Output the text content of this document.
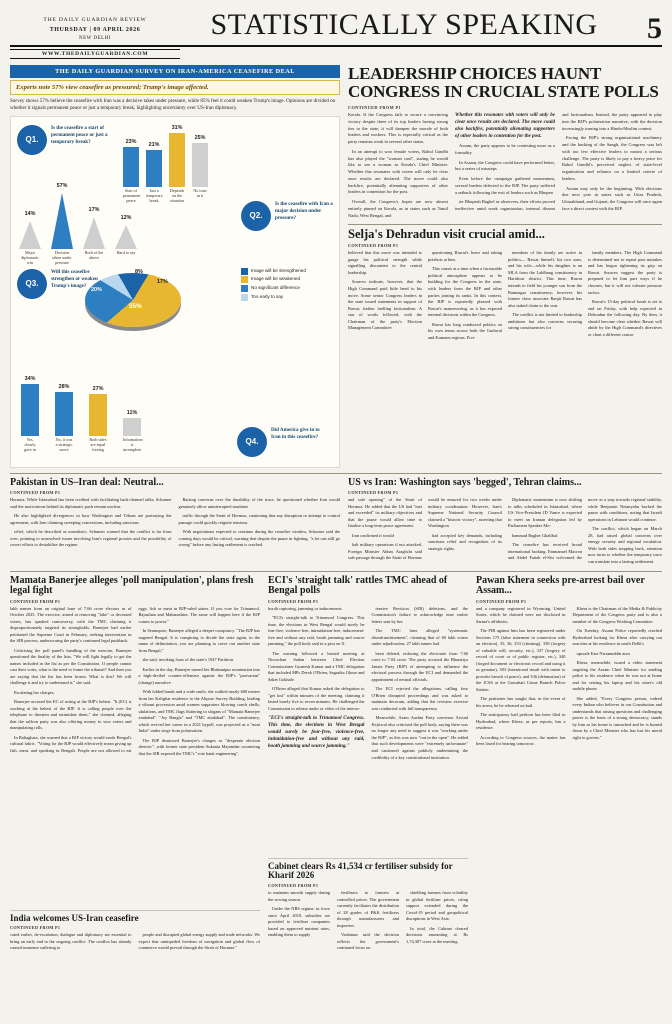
THE DAILY GUARDIAN REVIEW
THURSDAY | 09 APRIL 2026
NEW DELHI	STATISTICALLY SPEAKING	5
WWW.THEDAILYGUARDIAN.COM
THE DAILY GUARDIAN SURVEY ON IRAN-AMERICA CEASEFIRE DEAL
Experts note 57% view ceasefire as pressured; Trump's image affected.
Survey shows 57% believe the ceasefire with Iran was a decisive takes under pressure, while 85% feel it could weaken Trump's image. Opinions are divided on whether it signals permanent peace or just a temporary break, highlighting uncertainty over US-Iran diplomacy.
Q1.
Is the ceasefire a start of permanent peace or just a temporary break?	23% 21%
31%
25%
Start of permanent peace
Just a temporary break
Depends on the situation
No trust in it
Q2.
Is the ceasefire with Iran a major decision under pressure?
14%
57%
17%
12%
Major diplomatic win
Decision taken under pressure
Both of the above
Hard to say
Q3.
Will this ceasefire strengthen or weaken Trump's image?
8%
17%
55%
20%
Image will be strengthened
Image will be weakened
No significant difference
Too early to say
Q4.
Did America give in to Iran in this ceasefire?
34%
28%	27%
11%
Yes, clearly gave in
No, it was a strategic move
Both sides are equal footing
Information is incomplete
LEADERSHIP CHOICES HAUNT CONGRESS IN CRUCIAL STATE POLLS
CONTINUED FROM P1

Kerala. If the Congress fails to secure a convincing victory despite three of its top leaders having strong ties to the state, it will dampen the morale of both leaders and workers. This is especially critical as the party remains weak in several other states.

In an attempt to woo female voters, Rahul Gandhi has also played the "woman card", stating he would like to see a woman as Kerala's Chief Minister. Whether this resonates with voters will only be clear once results are declared. The move could also backfire, potentially alienating supporters of other leaders in contention for the post.

Overall, the Congress's hopes are now almost entirely pinned on Kerala, as in states such as Tamil Nadu, West Bengal, and

Whether this resonates with voters will only be clear once results are declared. The move could also backfire, potentially alienating supporters of other leaders in contention for the post.

Assam, the party appears to be contesting more as a formality.

In Assam, the Congress could have performed better, but a series of missteps

Even before the campaign gathered momentum, several leaders defected to the BJP. The party suffered a setback following the exit of leaders such as Bhupen

ter Bhupesh Baghel as observers, their efforts proved ineffective amid weak organisation, internal dissent and factionalism. Instead, the party appeared to play into the BJP's polarisation narrative, with the decision increasingly turning into a Hindu-Muslim contest.

Facing the BJP's strong organisational machinery and the backing of the Sangh, the Congress was left with too few effective leaders to mount a serious challenge. The party is likely to pay a heavy price for Rahul Gandhi's perceived neglect of state-level organisation and reliance on a limited coterie of leaders.

Assam may only be the beginning. With elections due next year in states such as Uttar Pradesh, Uttarakhand, and Gujarat, the Congress will once again face a direct contest with the BJP.

Selja's Dehradun visit crucial amid...
CONTINUED FROM P1

believed that this move was intended to gauge his political strength while signalling discontent to the central leadership.

Sources indicate, however, that the High Command paid little heed to his move. Some senior Congress leaders in the state issued statements in support of Rawat, further fuelling factionalism. A star of words followed, with the Chairman of the party's Election Management Committee

questioning Rawat's leave and taking potshots at him.

This comes at a time when a favourable political atmosphere appears to be building for the Congress in the state, with leaders from the BJP and other parties joining its ranks. In this context, the BJP is reportedly pleased with Rawat's manoeuvring, as it has exposed internal divisions within the Congress.

Rawat has long conducted politics on his own terms across both the Garhwal and Kumaon regions. Five

members of his family are active in politics— Rawat himself, his two sons, and his wife—while his daughter is an MLA from the Laldhang constituency in Haridwar district. This time, Rawat intends to field his younger son from the Ramnagar constituency; however, his former close associate Ranjit Rawat has also staked claim to the seat.

The conflict is not limited to leadership ambitions but also concerns securing strong constituencies for

family members. The High Command is determined not to repeat past mistakes and has begun tightening its grip on Rawat. Sources suggest the party is prepared to let him part ways if he chooses, but it will not tolerate pressure tactics.

Rawat's 15-day political break is set to end on Friday, with help expected in Dehradun the following day. By then, it should become clear whether Rawat will abide by the High Command's directives or chart a different course.

Pakistan in US–Iran deal: Neutral...
CONTINUED FROM P1

Hormuz. While Islamabad has been credited with facilitating back-channel talks, Schumer said the motivations behind its diplomatic push remain unclear.

He also highlighted divergences in how Washington and Tehran are portraying the agreement, with Iran claiming sweeping concessions, including sanctions

relief, which he described as unrealistic. Schumer warned that the conflict is far from over, pointing to unresolved issues involving Iran's regional proxies and the possibility of covert efforts to destabilise the regime.

Raising concerns over the durability of the truce, he questioned whether Iran would genuinely allow uninterrupted maritime

traffic through the Strait of Hormuz, cautioning that any disruption or attempt to control passage could quickly reignite tensions.

With negotiations expected to continue during the ceasefire window, Schumer said the coming days would be critical, warning that despite the pause in fighting, "a lot can still go wrong" before any lasting settlement is reached.

US vs Iran: Washington says 'begged', Tehran claims...
CONTINUED FROM P1

and safe opening" of the Strait of Hormuz. He added that the US had "met and exceeded" its military objectives and that the pause would allow time to finalise a long-term peace agreement.

Iran confirmed it would

halt military operations if not attacked. Foreign Minister Abbas Araghchi said safe passage through the Strait of Hormuz would be ensured for two weeks under military coordination. However, Iran's Supreme National Security Council claimed a "historic victory", asserting that Washington

had accepted key demands, including sanctions relief and recognition of its strategic rights.

Diplomatic momentum is now shifting to talks scheduled in Islamabad, where US Vice-President JD Vance is expected to meet an Iranian delegation led by Parliament Speaker Mo-

hammad Bagher Ghalibaf.

The ceasefire has received broad international backing. Emmanuel Macron and Abdel Fattah el-Sisi welcomed the move as a step towards regional stability, while Benjamin Netanyahu backed the pause with conditions, noting that Israeli operations in Lebanon would continue.

The conflict, which began on March 28, had raised global concerns over energy security and regional escalation. With both sides stepping back, attention now turns to whether the temporary truce can translate into a lasting settlement.

Mamata Banerjee alleges 'poll manipulation', plans fresh legal fight
CONTINUED FROM P1

lakh names from an original base of 7.66 crore electors as of October 2025. The exercise, aimed at removing "fake" or deceased voters, has sparked controversy, with the TMC claiming it disproportionately targeted its strongholds. Banerjee had earlier petitioned the Supreme Court in February, seeking intervention in the SIR process, underscoring the party's continued legal pushback.

Criticising the poll panel's handling of the exercise, Banerjee questioned the finality of the lists. "We will fight legally to get the names included in the list as per the Constitution. If people cannot cast their votes, what is the need to frame the tribunal? And then you are saying that the list has been frozen. What is this? We will challenge it and try to understand it," she said.

Escalating her charges,

Banerjee accused the EC of acting at the BJP's behest. "It (EC) is working at the behest of the BJP. It is calling people over the telephone to threaten and intimidate them," she claimed, alleging that the saffron party was also offering money to woo voters and manipulating rolls.

In Baliaghata, she warned that a BJP victory would erode Bengal's cultural fabric. "Voting for the BJP would effectively mean giving up fish, meat, and speaking in Bengali. People are not allowed to eat eggs, fish or meat in BJP-ruled states. If you vote for Trinamool, Rajasthan and Maharashtra. The same will happen here if the BJP comes to power."

In Serampore, Banerjee alleged a deeper conspiracy. "The BJP has targeted Bengal. It is conspiring to divide the state again, in the name of delimitation, you are planning to carve out another state from Bengal,"

she said, invoking fears of the state's 1947 Partition.

Earlier in the day, Banerjee turned her Bhabanipur nomination into a high-decibel counter-offensive against the BJP's "parivartan" (change) narrative.

With folded hands and a wide smile, she walked nearly 600 metres from her Kalighat residence to the Alipore Survey Building, leading a vibrant procession amid women supporters blowing conch shells, ululations, and TMC flags fluttering to slogans of "Mamata Banerjee zindabad". "Joy Bangla" and "TMC zindabad". The constituency, which revived her career in a 2021 bypoll, was projected as a "mini India" under siege from polarisation.

The BJP dismissed Banerjee's charges as "desperate election rhetoric", with former state president Sukanta Majumdar countering that the SIR exposed the TMC's "vote bank engineering".

India welcomes US-Iran ceasefire
CONTINUED FROM P1

cated earlier, de-escalation, dialogue and diplomacy are essential to bring an early end to the ongoing conflict. The conflict has already caused immense suffering to

people and disrupted global energy supply and trade networks. We expect that unimpeded freedom of navigation and global flow of commerce would prevail through the Strait of Hormuz."

ECI's 'straight talk' rattles TMC ahead of Bengal polls
CONTINUED FROM P1

booth capturing, jamming or inducements.

"ECI's straight-talk to Trinamool Congress. This time, the elections in West Bengal would surely be fear-free, violence-free, intimidation-free, inducement-free and without any raid, booth jamming and source jamming," the poll body said in a post on X.

The warning followed a heated meeting at Nirvachan Sadan between Chief Election Commissioner Gyanesh Kumar and a TMC delegation that included MPs Derek O'Brien, Sagarika Ghose and Saket Gokhale.

O'Brien alleged that Kumar asked the delegation to "get lost" within minutes of the meeting, claiming it lasted barely five to seven minutes. He challenged the Commission to release audio or video of the interac-

"ECI's straight-talk to Trinamool Congress. This time, the elections in West Bengal would surely be fear-free, violence-free, intimidation-free and without any raid, booth jamming and source jamming."

tensive Revision (SIR) deletions, and the Commission's failure to acknowledge nine earlier letters sent by her.

The TMC later alleged "systematic disenfranchisement", claiming that of 60 lakh voters under adjudication, 27 lakh names had

been deleted, reducing the electorate from 7.66 crore to 7.04 crore. The party accused the Bharatiya Janata Party (BJP) of attempting to influence the electoral process through the ECI and demanded the appointment of neutral officials.

The ECI rejected the allegations, calling four O'Brien disrupted proceedings and was asked to maintain decorum, adding that the revision exercise was conducted with full transparency.

Meanwhile, Asam Aashni Party convenor Arvind Kejriwal also criticised the poll body, saying there was no longer any need to suggest it was "working under the BJP", as this was now "out in the open". He added that such developments were "extremely unfortunate" and cautioned against publicly undermining the credibility of a key constitutional institution.

Cabinet clears Rs 41,534 cr fertiliser subsidy for Kharif 2026
CONTINUED FROM P1

to maintain smooth supply during the sowing season.

Under the NBS regime, in force since April 2010, subsidies are provided to fertiliser companies based on approved nutrient rates, enabling them to supply

fertilisers to farmers at controlled prices. The government currently facilitates the distribution of 28 grades of P&K fertilisers through manufacturers and importers.

Vaishnaw said the decision reflects the government's continued focus on

shielding farmers from volatility in global fertiliser prices, citing support extended during the Covid-19 period and geopolitical disruptions in West Asia.

In total, the Cabinet cleared decisions amounting to Rs 1,74,307 crore at the meeting.

Pawan Khera seeks pre-arrest bail over Assam...
CONTINUED FROM P1

and a company registered in Wyoming, United States, which he claimed were not disclosed in Sarma's affidavits.

The FIR against him has been registered under Sections 175 (false statement in connection with an election), 35, 36, 353 (cheating), 338 (forgery of valuable will, security, etc.), 337 (forgery of record of court or of public register, etc.), 340 (forged document or electronic record and using it as genuine), 383 (intentional insult with intent to provoke breach of peace), and 336 (defamation) of the JCSS at the Guwahati Crime Branch Police Station.

The petitioner has sought that, in the event of his arrest, he be released on bail.

The anticipatory bail petition has been filed in Hyderabad, where Khera, as per reports, has a residence.

According to Congress sources, the matter has been listed for hearing tomorrow.

Khera is the Chairman of the Media & Publicity Department of the Congress party and is also a member of the Congress Working Committee.

On Tuesday, Assam Police reportedly reached Hyderabad looking for Khera after carrying out searches at his residence in south Delhi's

upscale East Nizamuddin area.

Khera, meanwhile, issued a video statement targeting the Assam Chief Minister for sending police to his residence when he was not at home and for seizing his laptop and his sister's old mobile phone.

She added, "Every Congress person, indeed every Indian who believes in our Constitution and understands that raising questions and challenging power is the basis of a strong democracy, stands by him as his home is ransacked and he is hunted down by a Chief Minister who has lost his moral right to govern."
